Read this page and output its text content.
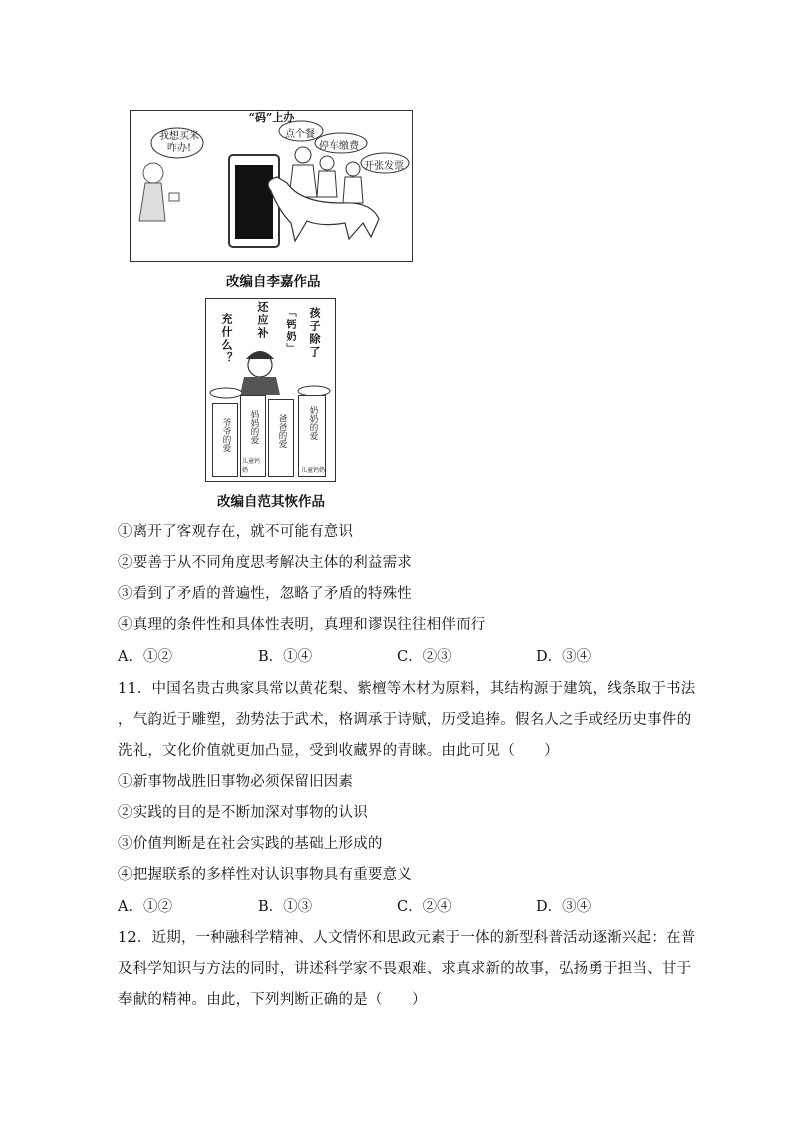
“码”上办
我想买米咋办!
点个餐
停车缴费
开张发票
改编自李嘉作品
孩子除了
还应补
充什么？	「钙奶」
爷爷的爱 妈妈的爱
儿童钙奶
爸爸的爱 奶奶的爱
儿童钙奶
改编自范其恢作品
①离开了客观存在，就不可能有意识
②要善于从不同角度思考解决主体的利益需求
③看到了矛盾的普遍性，忽略了矛盾的特殊性
④真理的条件性和具体性表明，真理和谬误往往相伴而行
A．①②	B．①④	C．②③	D．③④
11．中国名贵古典家具常以黄花梨、紫檀等木材为原料，其结构源于建筑，线条取于书法
，气韵近于雕塑，劲势法于武术，格调承于诗赋，历受追捧。假名人之手或经历史事件的
洗礼，文化价值就更加凸显，受到收藏界的青睐。由此可见（　　）
①新事物战胜旧事物必须保留旧因素
②实践的目的是不断加深对事物的认识
③价值判断是在社会实践的基础上形成的
④把握联系的多样性对认识事物具有重要意义
A．①②	B．①③	C．②④	D．③④
12．近期，一种融科学精神、人文情怀和思政元素于一体的新型科普活动逐渐兴起：在普
及科学知识与方法的同时，讲述科学家不畏艰难、求真求新的故事，弘扬勇于担当、甘于
奉献的精神。由此，下列判断正确的是（　　）
